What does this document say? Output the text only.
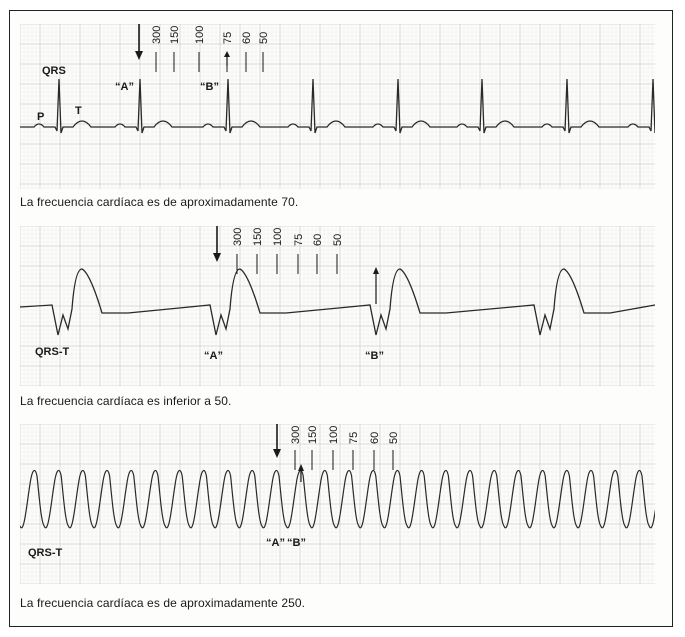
300 150 100 75 60 50
QRS
P	T
“A”	“B”
La frecuencia cardíaca es de aproximadamente 70.
300 150 100 75 60 50
QRS-T	“A”	“B”
La frecuencia cardíaca es inferior a 50.
300 150 100 75 60 50
QRS-T
“A” “B”
La frecuencia cardíaca es de aproximadamente 250.
